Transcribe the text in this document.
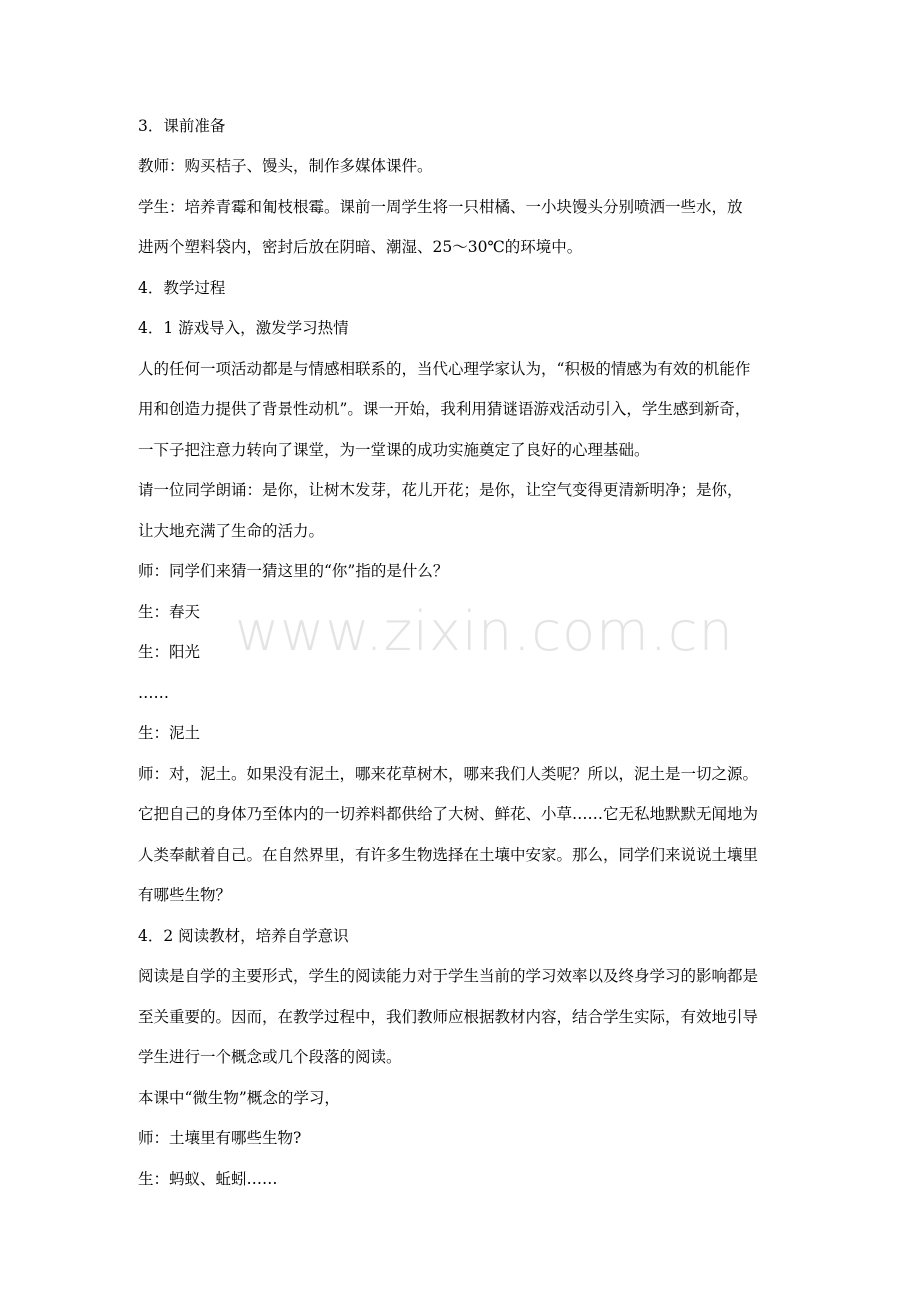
www.zixin.com.cn

3．课前准备

教师：购买桔子、馒头，制作多媒体课件。

学生：培养青霉和匍枝根霉。课前一周学生将一只柑橘、一小块馒头分别喷洒一些水，放

进两个塑料袋内，密封后放在阴暗、潮湿、25～30℃的环境中。

4．教学过程

4．1 游戏导入，激发学习热情

人的任何一项活动都是与情感相联系的，当代心理学家认为，“积极的情感为有效的机能作

用和创造力提供了背景性动机”。课一开始，我利用猜谜语游戏活动引入，学生感到新奇，

一下子把注意力转向了课堂，为一堂课的成功实施奠定了良好的心理基础。

请一位同学朗诵：是你，让树木发芽，花儿开花；是你，让空气变得更清新明净；是你，

让大地充满了生命的活力。

师：同学们来猜一猜这里的“你”指的是什么？

生：春天

生：阳光

……

生：泥土

师：对，泥土。如果没有泥土，哪来花草树木，哪来我们人类呢？所以，泥土是一切之源。

它把自己的身体乃至体内的一切养料都供给了大树、鲜花、小草……它无私地默默无闻地为

人类奉献着自己。在自然界里，有许多生物选择在土壤中安家。那么，同学们来说说土壤里

有哪些生物？

4．2 阅读教材，培养自学意识

阅读是自学的主要形式，学生的阅读能力对于学生当前的学习效率以及终身学习的影响都是

至关重要的。因而，在教学过程中，我们教师应根据教材内容，结合学生实际，有效地引导

学生进行一个概念或几个段落的阅读。

本课中“微生物”概念的学习，

师：土壤里有哪些生物?

生：蚂蚁、蚯蚓……
